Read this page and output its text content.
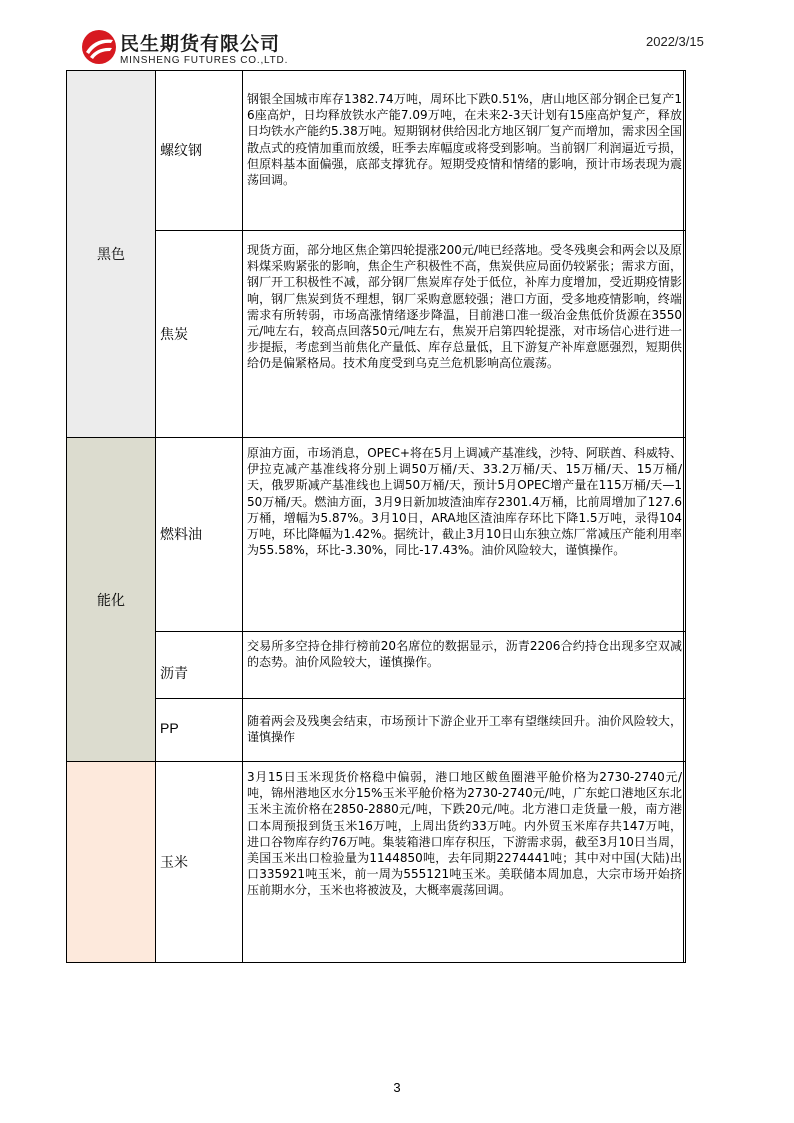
民生期货有限公司
MINSHENG FUTURES CO.,LTD.
2022/3/15
黑色
能化
螺纹钢
钢银全国城市库存1382.74万吨，周环比下跌0.51%，唐山地区部分钢企已复产16座高炉，日均释放铁水产能7.09万吨，在未来2-3天计划有15座高炉复产，释放日均铁水产能约5.38万吨。短期钢材供给因北方地区钢厂复产而增加，需求因全国散点式的疫情加重而放缓，旺季去库幅度或将受到影响。当前钢厂利润逼近亏损，但原料基本面偏强，底部支撑犹存。短期受疫情和情绪的影响，预计市场表现为震荡回调。
焦炭
现货方面，部分地区焦企第四轮提涨200元/吨已经落地。受冬残奥会和两会以及原料煤采购紧张的影响，焦企生产积极性不高，焦炭供应局面仍较紧张；需求方面，钢厂开工积极性不减，部分钢厂焦炭库存处于低位，补库力度增加，受近期疫情影响，钢厂焦炭到货不理想，钢厂采购意愿较强；港口方面，受多地疫情影响，终端需求有所转弱，市场高涨情绪逐步降温，目前港口准一级冶金焦低价货源在3550元/吨左右，较高点回落50元/吨左右，焦炭开启第四轮提涨，对市场信心进行进一步提振，考虑到当前焦化产量低、库存总量低，且下游复产补库意愿强烈，短期供给仍是偏紧格局。技术角度受到乌克兰危机影响高位震荡。
燃料油
原油方面，市场消息，OPEC+将在5月上调减产基准线，沙特、阿联酋、科威特、伊拉克减产基准线将分别上调50万桶/天、33.2万桶/天、15万桶/天、15万桶/天，俄罗斯减产基准线也上调50万桶/天，预计5月OPEC增产量在115万桶/天—150万桶/天。燃油方面，3月9日新加坡渣油库存2301.4万桶，比前周增加了127.6万桶，增幅为5.87%。3月10日，ARA地区渣油库存环比下降1.5万吨，录得104万吨，环比降幅为1.42%。据统计，截止3月10日山东独立炼厂常减压产能利用率为55.58%，环比-3.30%，同比-17.43%。油价风险较大，谨慎操作。
沥青
交易所多空持仓排行榜前20名席位的数据显示，沥青2206合约持仓出现多空双减的态势。油价风险较大，谨慎操作。
PP	随着两会及残奥会结束，市场预计下游企业开工率有望继续回升。油价风险较大，谨慎操作
玉米
3月15日玉米现货价格稳中偏弱，港口地区鲅鱼圈港平舱价格为2730-2740元/吨，锦州港地区水分15%玉米平舱价格为2730-2740元/吨，广东蛇口港地区东北玉米主流价格在2850-2880元/吨，下跌20元/吨。北方港口走货量一般，南方港口本周预报到货玉米16万吨，上周出货约33万吨。内外贸玉米库存共147万吨，进口谷物库存约76万吨。集装箱港口库存积压，下游需求弱，截至3月10日当周，美国玉米出口检验量为1144850吨，去年同期2274441吨；其中对中国(大陆)出口335921吨玉米，前一周为555121吨玉米。美联储本周加息，大宗市场开始挤压前期水分，玉米也将被波及，大概率震荡回调。
3
